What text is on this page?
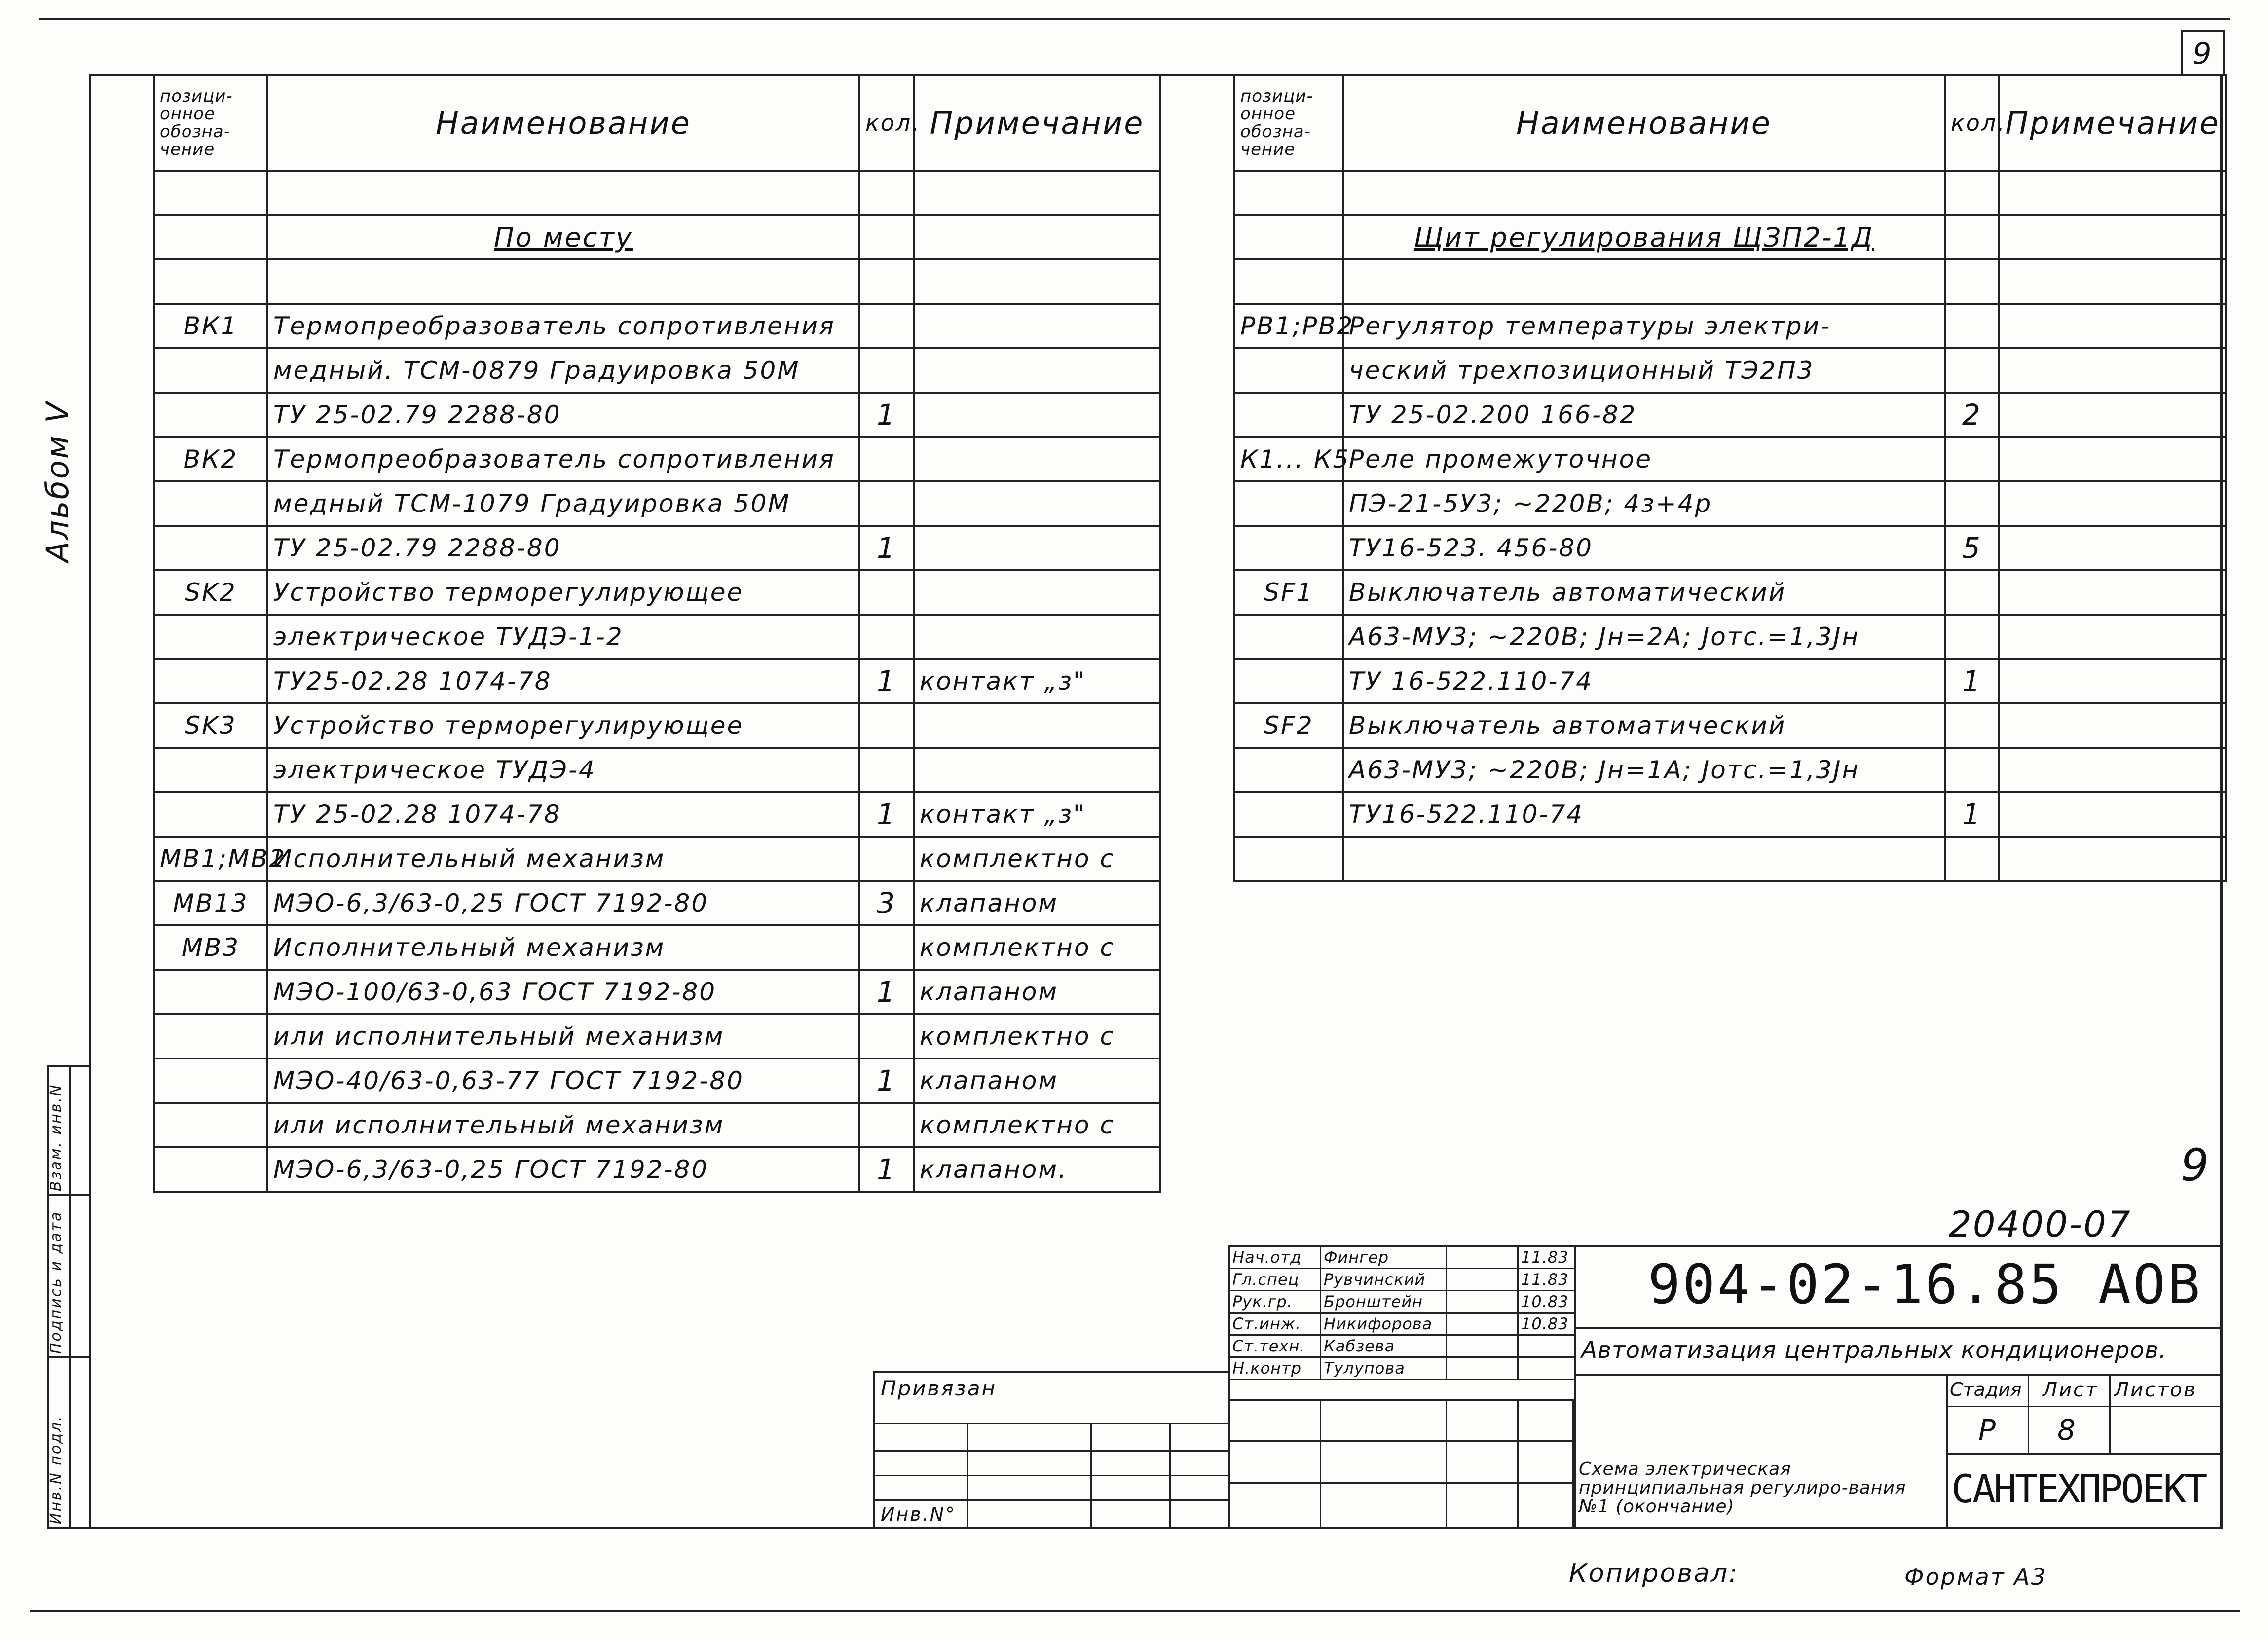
9
Альбом V
Инв.N подл.
Подпись и дата
Взам. инв.N
позици-онное обозна-чение	Наименование	кол.	Примечание

	По месту		

ВК1	Термопреобразователь сопротивления		
	медный. ТСМ-0879 Градуировка 50М		
	ТУ 25-02.79 2288-80	1	
ВК2	Термопреобразователь сопротивления		
	медный ТСМ-1079 Градуировка 50М		
	ТУ 25-02.79 2288-80	1	
SK2	Устройство терморегулирующее		
	электрическое ТУДЭ-1-2		
	ТУ25-02.28 1074-78	1	контакт „з"
SK3	Устройство терморегулирующее		
	электрическое ТУДЭ-4		
	ТУ 25-02.28 1074-78	1	контакт „з"
МВ1;МВ2	Исполнительный механизм		комплектно с
МВ13	МЭО-6,3/63-0,25 ГОСТ 7192-80	3	клапаном
МВ3	Исполнительный механизм		комплектно с
	МЭО-100/63-0,63 ГОСТ 7192-80	1	клапаном
	или исполнительный механизм		комплектно с
	МЭО-40/63-0,63-77 ГОСТ 7192-80	1	клапаном
	или исполнительный механизм		комплектно с
	МЭО-6,3/63-0,25 ГОСТ 7192-80	1	клапаном.
позици-онное обозна-чение	Наименование	кол.	Примечание

	Щит регулирования ЩЗП2-1Д		

РВ1;РВ2	Регулятор температуры электри-		
	ческий трехпозиционный ТЭ2П3		
	ТУ 25-02.200 166-82	2	
К1... К5	Реле промежуточное		
	ПЭ-21-5У3; ~220В; 4з+4р		
	ТУ16-523. 456-80	5	
SF1	Выключатель автоматический		
	А63-МУ3; ~220В; Jн=2А; Jотс.=1,3Jн		
	ТУ 16-522.110-74	1	
SF2	Выключатель автоматический		
	А63-МУ3; ~220В; Jн=1А; Jотс.=1,3Jн		
	ТУ16-522.110-74	1	

9
20400-07
Нач.отд	Фингер		11.83
Гл.спец	Рувчинский		11.83
Рук.гр.	Бронштейн		10.83
Ст.инж.	Никифорова		10.83
Ст.техн.	Кабзева		
Н.контр	Тулупова		
Привязан
Инв.N°
904-02-16.85 АОВ
Автоматизация центральных кондиционеров.
Схема электрическая принципиальная регулиро-вания №1 (окончание)
Стадия Лист Листов
Р 8
САНТЕХПРОЕКТ
Копировал:	Формат А3
